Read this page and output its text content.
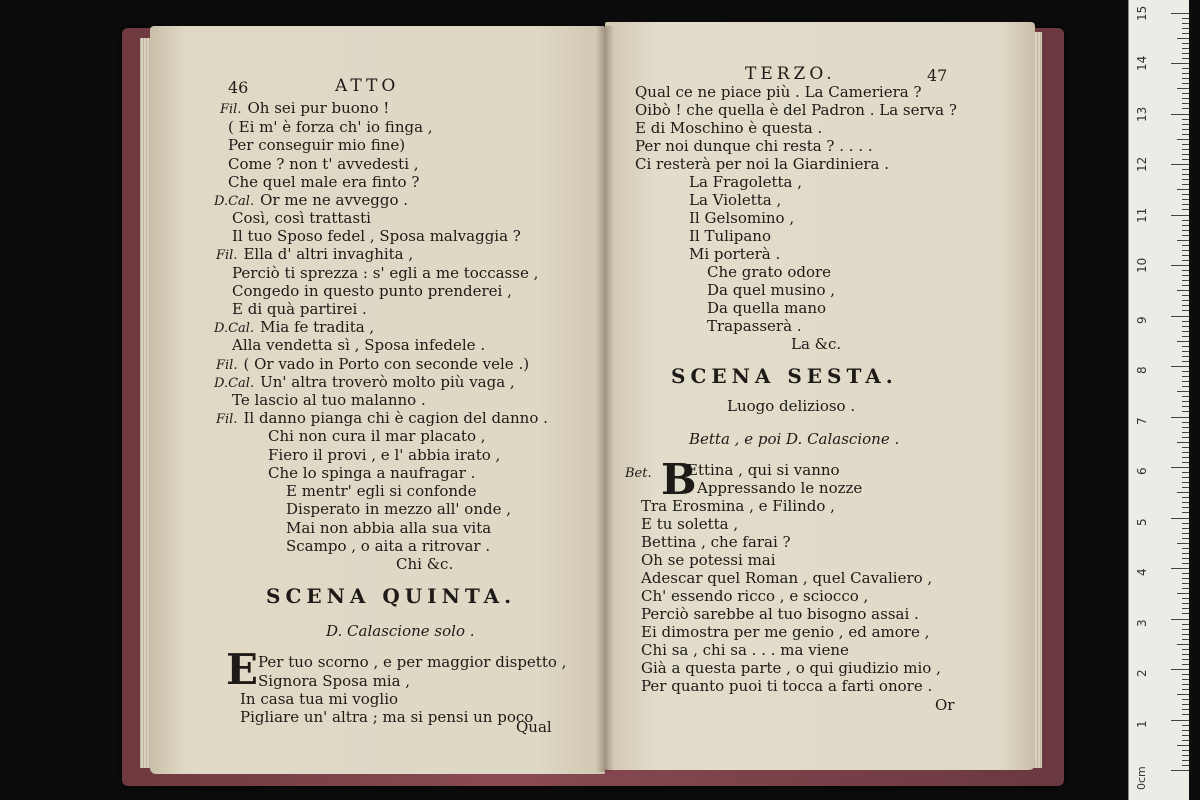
46	ATTO
Fil. Oh sei pur buono !
( Ei m' è forza ch' io finga ,
Per conseguir mio fine)
Come ? non t' avvedesti ,
Che quel male era finto ?
D.Cal. Or me ne avveggo .
Così, così trattasti
Il tuo Sposo fedel , Sposa malvaggia ?
Fil. Ella d' altri invaghita ,
Perciò ti sprezza : s' egli a me toccasse ,
Congedo in questo punto prenderei ,
E di quà partirei .
D.Cal. Mia fe tradita ,
Alla vendetta sì , Sposa infedele .
Fil. ( Or vado in Porto con seconde vele .)
D.Cal. Un' altra troverò molto più vaga ,
Te lascio al tuo malanno .
Fil. Il danno pianga chi è cagion del danno .
Chi non cura il mar placato ,
Fiero il provi , e l' abbia irato ,
Che lo spinga a naufragar .
E mentr' egli si confonde
Disperato in mezzo all' onde ,
Mai non abbia alla sua vita
Scampo , o aita a ritrovar .
Chi &c.
SCENA QUINTA.
D. Calascione solo .
E Per tuo scorno , e per maggior dispetto ,
Signora Sposa mia ,
In casa tua mi voglio
Pigliare un' altra ; ma si pensi un poco
Qual
TERZO.	47
Qual ce ne piace più . La Cameriera ?
Oibò ! che quella è del Padron . La serva ?
E di Moschino è questa .
Per noi dunque chi resta ? . . . .
Ci resterà per noi la Giardiniera .
La Fragoletta ,
La Violetta ,
Il Gelsomino ,
Il Tulipano
Mi porterà .
Che grato odore
Da quel musino ,
Da quella mano
Trapasserà .
La &c.
SCENA SESTA.
Luogo delizioso .
Betta , e poi D. Calascione .
Bet. B
Ettina , qui si vanno
Appressando le nozze
Tra Erosmina , e Filindo ,
E tu soletta ,
Bettina , che farai ?
Oh se potessi mai
Adescar quel Roman , quel Cavaliero ,
Ch' essendo ricco , e sciocco ,
Perciò sarebbe al tuo bisogno assai .
Ei dimostra per me genio , ed amore ,
Chi sa , chi sa . . . ma viene
Già a questa parte , o qui giudizio mio ,
Per quanto puoi ti tocca a farti onore .
Or
0cm
1
2
3
4
5
6
7
8
9
10
11
12
13
14
15
